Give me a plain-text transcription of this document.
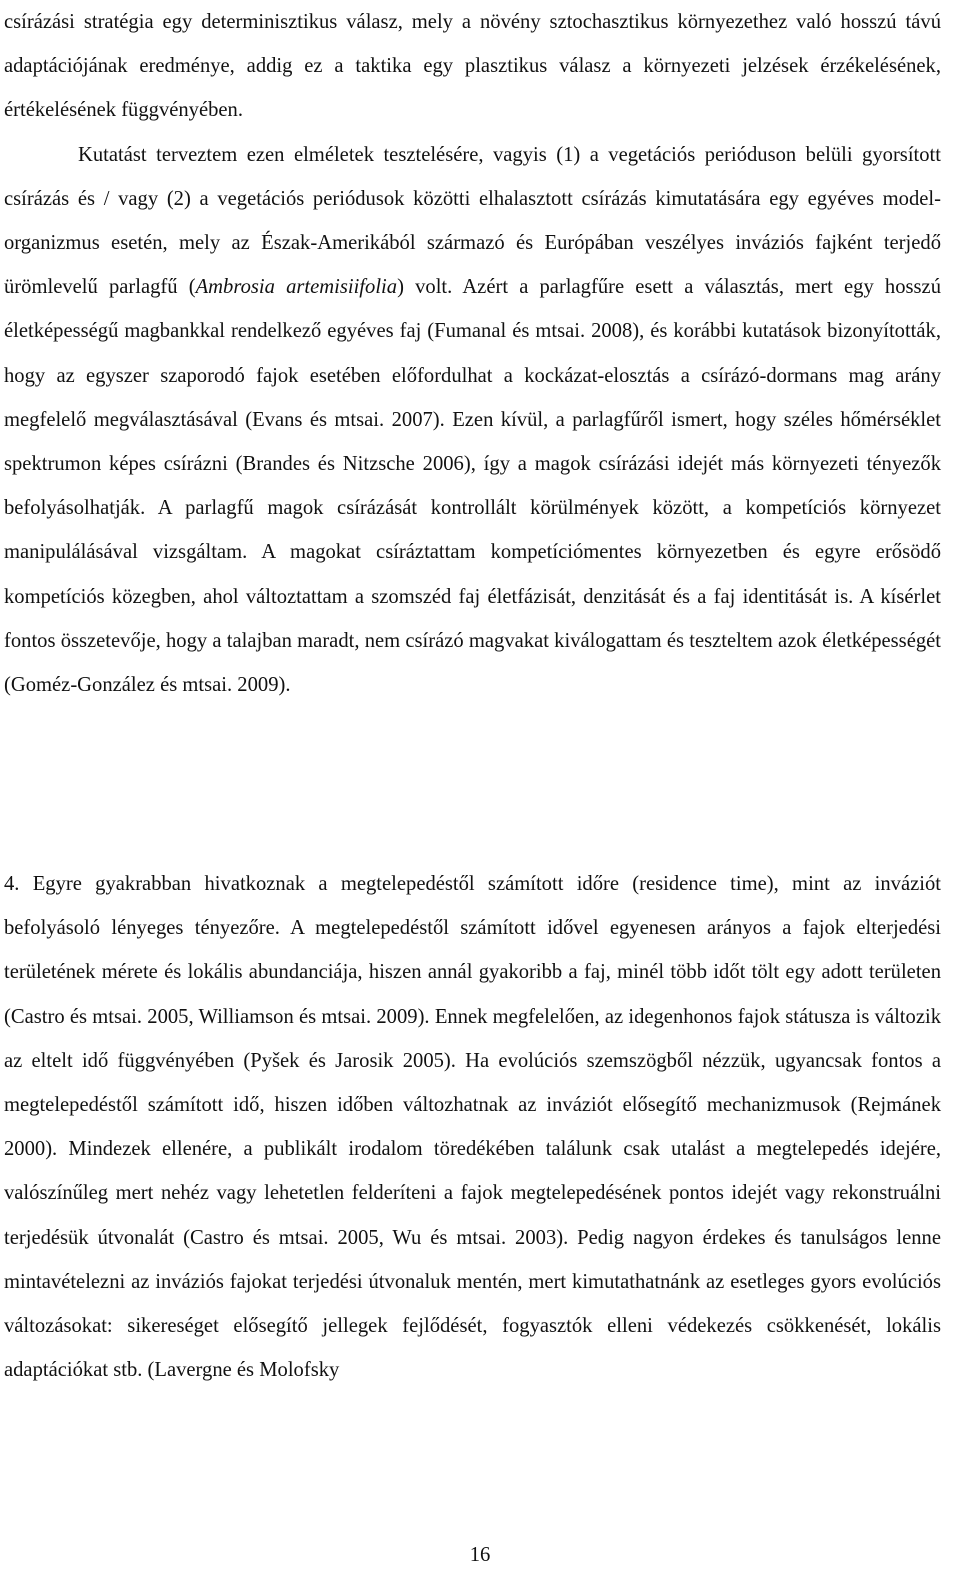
csírázási stratégia egy determinisztikus válasz, mely a növény sztochasztikus környezethez való hosszú távú adaptációjának eredménye, addig ez a taktika egy plasztikus válasz a környezeti jelzések érzékelésének, értékelésének függvényében.

Kutatást terveztem ezen elméletek tesztelésére, vagyis (1) a vegetációs perióduson belüli gyorsított csírázás és / vagy (2) a vegetációs periódusok közötti elhalasztott csírázás kimutatására egy egyéves model-organizmus esetén, mely az Észak-Amerikából származó és Európában veszélyes inváziós fajként terjedő ürömlevelű parlagfű (Ambrosia artemisiifolia) volt. Azért a parlagfűre esett a választás, mert egy hosszú életképességű magbankkal rendelkező egyéves faj (Fumanal és mtsai. 2008), és korábbi kutatások bizonyították, hogy az egyszer szaporodó fajok esetében előfordulhat a kockázat-elosztás a csírázó-dormans mag arány megfelelő megválasztásával (Evans és mtsai. 2007). Ezen kívül, a parlagfűről ismert, hogy széles hőmérséklet spektrumon képes csírázni (Brandes és Nitzsche 2006), így a magok csírázási idejét más környezeti tényezők befolyásolhatják. A parlagfű magok csírázását kontrollált körülmények között, a kompetíciós környezet manipulálásával vizsgáltam. A magokat csíráztattam kompetíciómentes környezetben és egyre erősödő kompetíciós közegben, ahol változtattam a szomszéd faj életfázisát, denzitását és a faj identitását is. A kísérlet fontos összetevője, hogy a talajban maradt, nem csírázó magvakat kiválogattam és teszteltem azok életképességét (Goméz-González és mtsai. 2009).

4. Egyre gyakrabban hivatkoznak a megtelepedéstől számított időre (residence time), mint az inváziót befolyásoló lényeges tényezőre. A megtelepedéstől számított idővel egyenesen arányos a fajok elterjedési területének mérete és lokális abundanciája, hiszen annál gyakoribb a faj, minél több időt tölt egy adott területen (Castro és mtsai. 2005, Williamson és mtsai. 2009). Ennek megfelelően, az idegenhonos fajok státusza is változik az eltelt idő függvényében (Pyšek és Jarosik 2005). Ha evolúciós szemszögből nézzük, ugyancsak fontos a megtelepedéstől számított idő, hiszen időben változhatnak az inváziót elősegítő mechanizmusok (Rejmánek 2000). Mindezek ellenére, a publikált irodalom töredékében találunk csak utalást a megtelepedés idejére, valószínűleg mert nehéz vagy lehetetlen felderíteni a fajok megtelepedésének pontos idejét vagy rekonstruálni terjedésük útvonalát (Castro és mtsai. 2005, Wu és mtsai. 2003). Pedig nagyon érdekes és tanulságos lenne mintavételezni az inváziós fajokat terjedési útvonaluk mentén, mert kimutathatnánk az esetleges gyors evolúciós változásokat: sikereséget elősegítő jellegek fejlődését, fogyasztók elleni védekezés csökkenését, lokális adaptációkat stb. (Lavergne és Molofsky

16
